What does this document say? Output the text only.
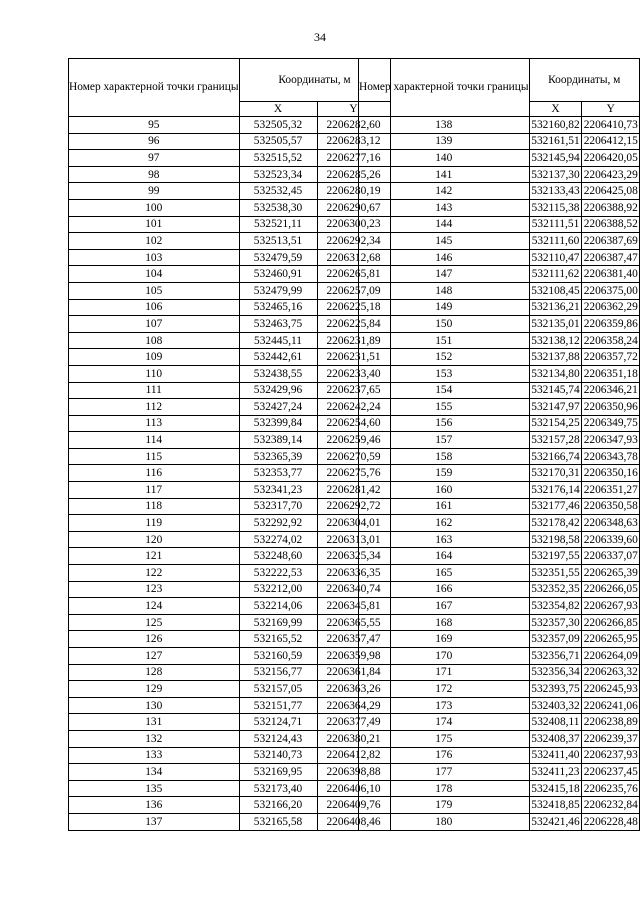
34
Номер характерной точки границы	Координаты, м	
	X	Y
95	532505,32	2206282,60
96	532505,57	2206283,12
97	532515,52	2206277,16
98	532523,34	2206285,26
99	532532,45	2206280,19
100	532538,30	2206290,67
101	532521,11	2206300,23
102	532513,51	2206292,34
103	532479,59	2206312,68
104	532460,91	2206265,81
105	532479,99	2206257,09
106	532465,16	2206225,18
107	532463,75	2206225,84
108	532445,11	2206231,89
109	532442,61	2206231,51
110	532438,55	2206233,40
111	532429,96	2206237,65
112	532427,24	2206242,24
113	532399,84	2206254,60
114	532389,14	2206259,46
115	532365,39	2206270,59
116	532353,77	2206275,76
117	532341,23	2206281,42
118	532317,70	2206292,72
119	532292,92	2206304,01
120	532274,02	2206313,01
121	532248,60	2206325,34
122	532222,53	2206336,35
123	532212,00	2206340,74
124	532214,06	2206345,81
125	532169,99	2206365,55
126	532165,52	2206357,47
127	532160,59	2206359,98
128	532156,77	2206361,84
129	532157,05	2206363,26
130	532151,77	2206364,29
131	532124,71	2206377,49
132	532124,43	2206380,21
133	532140,73	2206412,82
134	532169,95	2206398,88
135	532173,40	2206406,10
136	532166,20	2206409,76
137	532165,58	2206408,46
Номер характерной точки границы	Координаты, м	
	X	Y
138	532160,82	2206410,73
139	532161,51	2206412,15
140	532145,94	2206420,05
141	532137,30	2206423,29
142	532133,43	2206425,08
143	532115,38	2206388,92
144	532111,51	2206388,52
145	532111,60	2206387,69
146	532110,47	2206387,47
147	532111,62	2206381,40
148	532108,45	2206375,00
149	532136,21	2206362,29
150	532135,01	2206359,86
151	532138,12	2206358,24
152	532137,88	2206357,72
153	532134,80	2206351,18
154	532145,74	2206346,21
155	532147,97	2206350,96
156	532154,25	2206349,75
157	532157,28	2206347,93
158	532166,74	2206343,78
159	532170,31	2206350,16
160	532176,14	2206351,27
161	532177,46	2206350,58
162	532178,42	2206348,63
163	532198,58	2206339,60
164	532197,55	2206337,07
165	532351,55	2206265,39
166	532352,35	2206266,05
167	532354,82	2206267,93
168	532357,30	2206266,85
169	532357,09	2206265,95
170	532356,71	2206264,09
171	532356,34	2206263,32
172	532393,75	2206245,93
173	532403,32	2206241,06
174	532408,11	2206238,89
175	532408,37	2206239,37
176	532411,40	2206237,93
177	532411,23	2206237,45
178	532415,18	2206235,76
179	532418,85	2206232,84
180	532421,46	2206228,48
